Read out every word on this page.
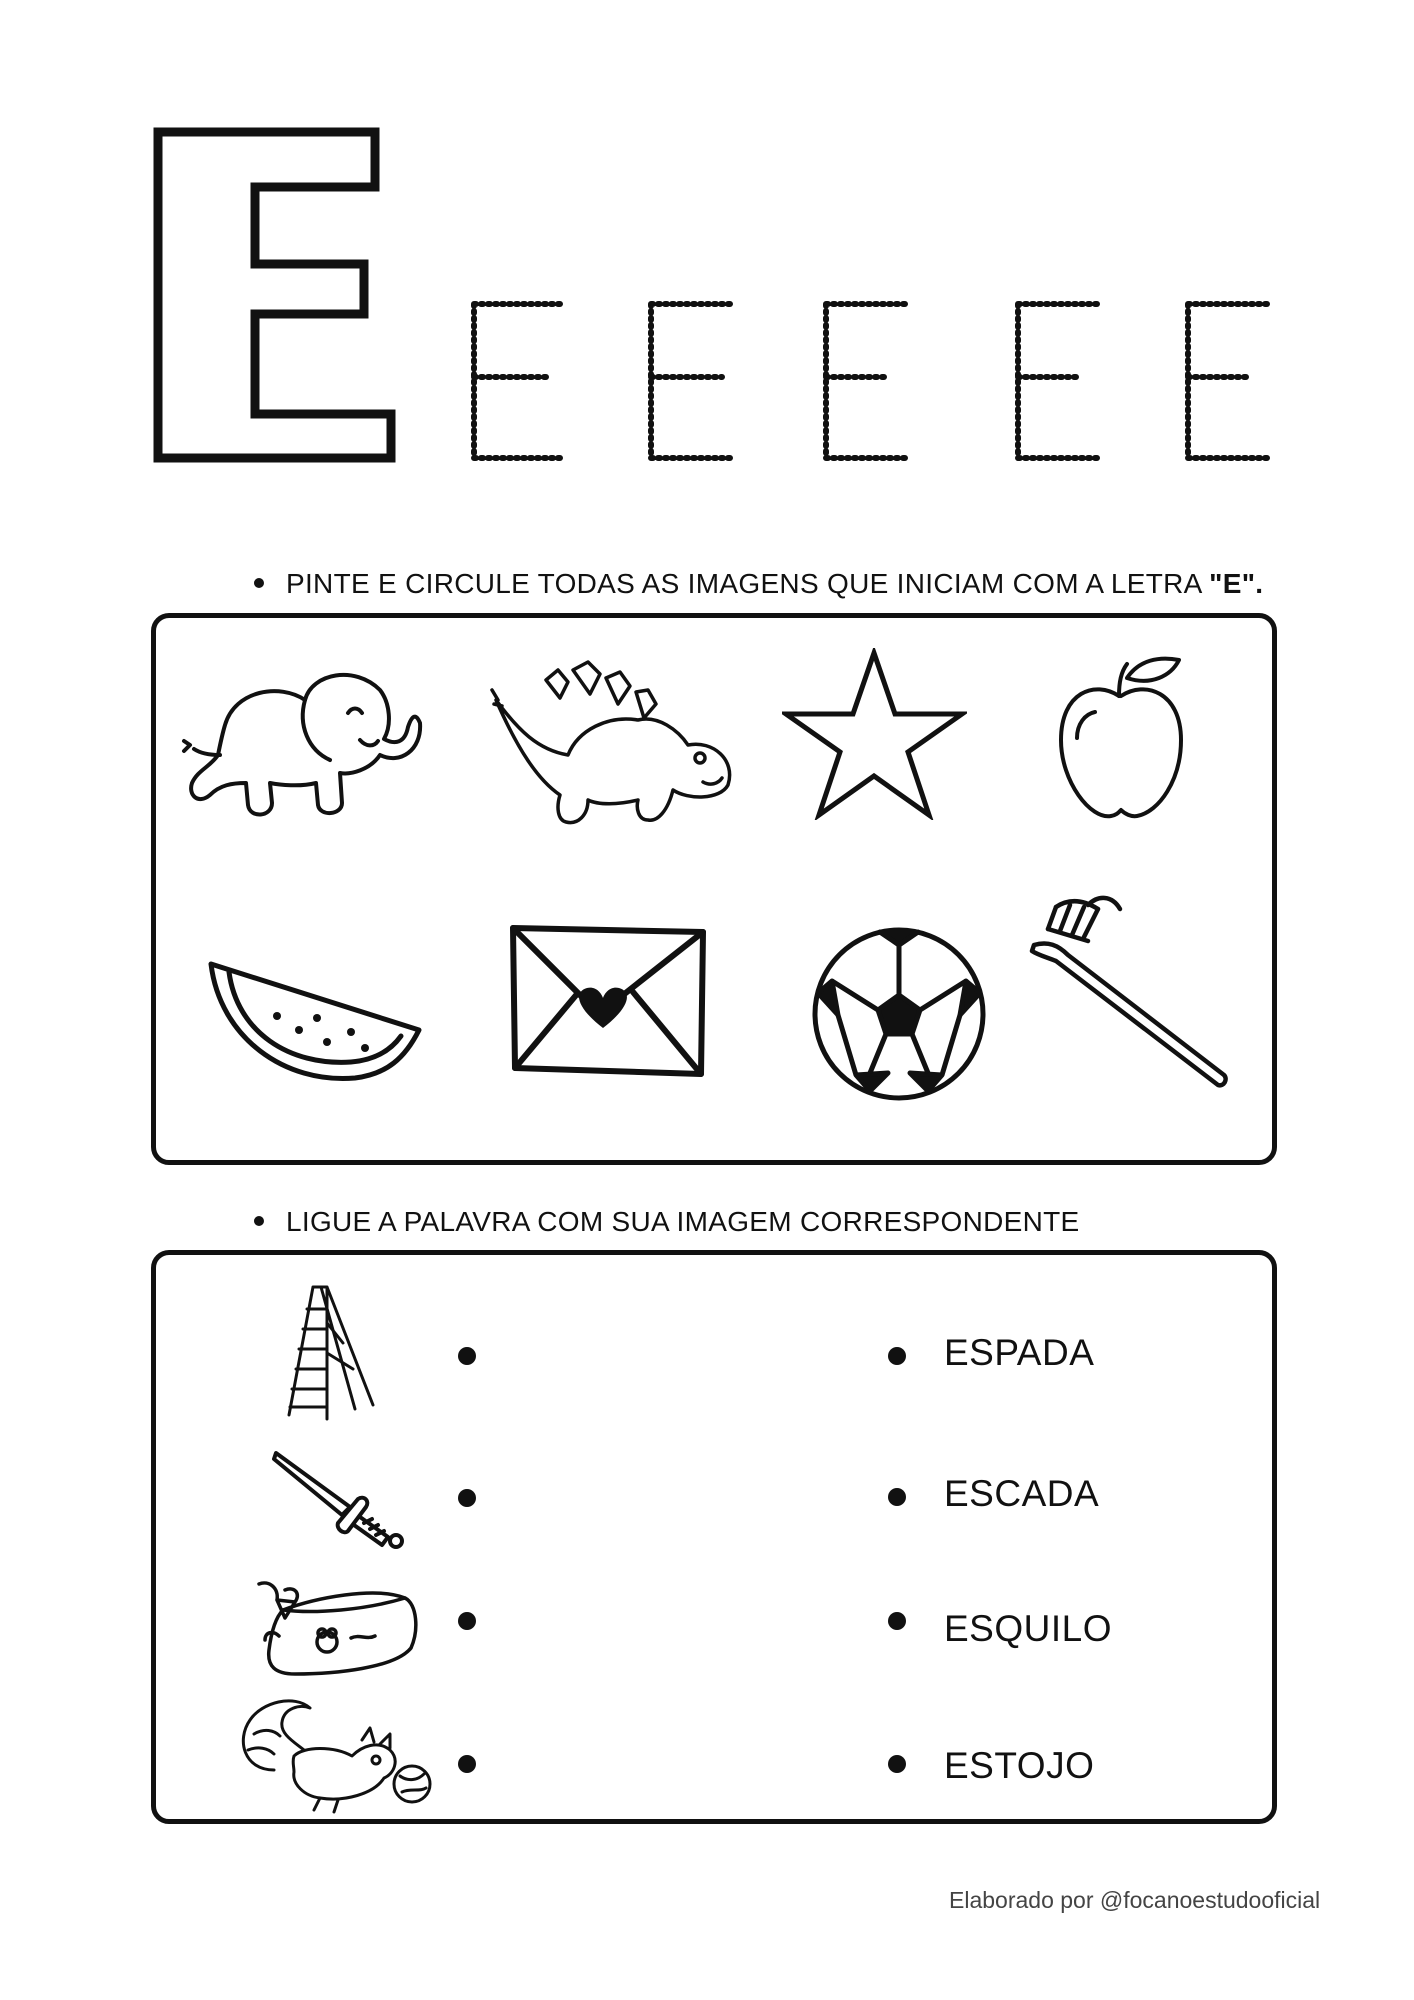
PINTE E CIRCULE TODAS AS IMAGENS QUE INICIAM COM A LETRA "E".
LIGUE A PALAVRA COM SUA IMAGEM CORRESPONDENTE
ESPADA
ESCADA
ESQUILO
ESTOJO
Elaborado por @focanoestudooficial
